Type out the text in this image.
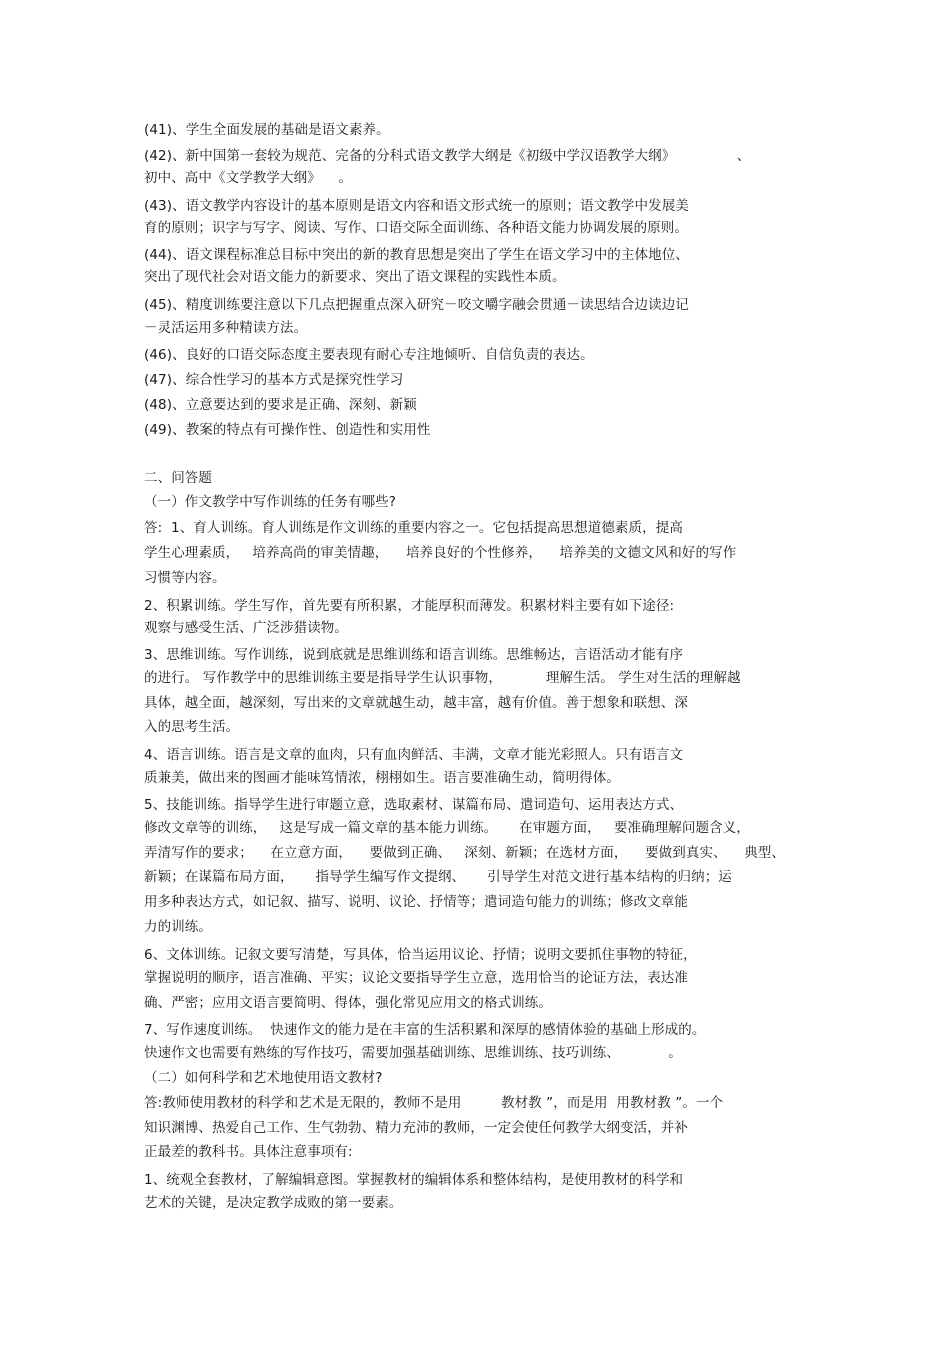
(41)、学生全面发展的基础是语文素养。
(42)、新中国第一套较为规范、完备的分科式语文教学大纲是《初级中学汉语教学大纲》              、
初中、高中《文学教学大纲》    。
(43)、语文教学内容设计的基本原则是语文内容和语文形式统一的原则；语文教学中发展美
育的原则；识字与写字、阅读、写作、口语交际全面训练、各种语文能力协调发展的原则。
(44)、语文课程标准总目标中突出的新的教育思想是突出了学生在语文学习中的主体地位、
突出了现代社会对语文能力的新要求、突出了语文课程的实践性本质。
(45)、精度训练要注意以下几点把握重点深入研究－咬文嚼字融会贯通－读思结合边读边记
－灵活运用多种精读方法。
(46)、良好的口语交际态度主要表现有耐心专注地倾听、自信负责的表达。
(47)、综合性学习的基本方式是探究性学习
(48)、立意要达到的要求是正确、深刻、新颖
(49)、教案的特点有可操作性、创造性和实用性
二、问答题
（一）作文教学中写作训练的任务有哪些?
答:  1、育人训练。育人训练是作文训练的重要内容之一。它包括提高思想道德素质，提高
学生心理素质，   培养高尚的审美情趣，    培养良好的个性修养，    培养美的文德文风和好的写作
习惯等内容。
2、积累训练。学生写作，首先要有所积累，才能厚积而薄发。积累材料主要有如下途径:
观察与感受生活、广泛涉猎读物。
3、思维训练。写作训练，说到底就是思维训练和语言训练。思维畅达，言语活动才能有序
的进行。 写作教学中的思维训练主要是指导学生认识事物，          理解生活。 学生对生活的理解越
具体，越全面，越深刻，写出来的文章就越生动，越丰富，越有价值。善于想象和联想、深
入的思考生活。
4、语言训练。语言是文章的血肉，只有血肉鲜活、丰满，文章才能光彩照人。只有语言文
质兼美，做出来的图画才能味笃情浓，栩栩如生。语言要准确生动，简明得体。
5、技能训练。指导学生进行审题立意，选取素材、谋篇布局、遣词造句、运用表达方式、
修改文章等的训练，   这是写成一篇文章的基本能力训练。     在审题方面，   要准确理解问题含义，
弄清写作的要求；    在立意方面，    要做到正确、   深刻、新颖；在选材方面，    要做到真实、    典型、
新颖；在谋篇布局方面，     指导学生编写作文提纲、     引导学生对范文进行基本结构的归纳；运
用多种表达方式，如记叙、描写、说明、议论、抒情等；遣词造句能力的训练；修改文章能
力的训练。
6、文体训练。记叙文要写清楚，写具体，恰当运用议论、抒情；说明文要抓住事物的特征，
掌握说明的顺序，语言准确、平实；议论文要指导学生立意，选用恰当的论证方法，表达准
确、严密；应用文语言要简明、得体，强化常见应用文的格式训练。
7、写作速度训练。  快速作文的能力是在丰富的生活积累和深厚的感情体验的基础上形成的。
快速作文也需要有熟练的写作技巧，需要加强基础训练、思维训练、技巧训练、           。
（二）如何科学和艺术地使用语文教材?
答:教师使用教材的科学和艺术是无限的，教师不是用         教材教 ”，而是用  用教材教 ”。一个
知识渊博、热爱自己工作、生气勃勃、精力充沛的教师，一定会使任何教学大纲变活，并补
正最差的教科书。具体注意事项有:
1、统观全套教材，了解编辑意图。掌握教材的编辑体系和整体结构，是使用教材的科学和
艺术的关键，是决定教学成败的第一要素。
